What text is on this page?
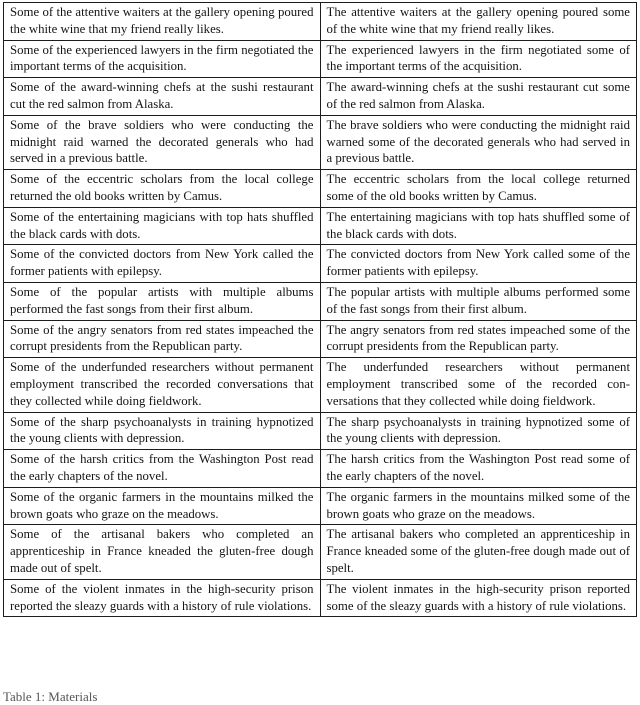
Some of the attentive waiters at the gallery opening poured the white wine that my friend really likes.	The attentive waiters at the gallery opening poured some of the white wine that my friend really likes.
Some of the experienced lawyers in the firm negotiated the important terms of the acquisition.	The experienced lawyers in the firm negotiated some of the important terms of the acquisition.
Some of the award-winning chefs at the sushi restaurant cut the red salmon from Alaska.	The award-winning chefs at the sushi restaurant cut some of the red salmon from Alaska.
Some of the brave soldiers who were conducting the midnight raid warned the decorated generals who had served in a previous battle.	The brave soldiers who were conducting the midnight raid warned some of the decorated generals who had served in a previous battle.
Some of the eccentric scholars from the local college returned the old books written by Camus.	The eccentric scholars from the local college returned some of the old books written by Camus.
Some of the entertaining magicians with top hats shuffled the black cards with dots.	The entertaining magicians with top hats shuffled some of the black cards with dots.
Some of the convicted doctors from New York called the former patients with epilepsy.	The convicted doctors from New York called some of the former patients with epilepsy.
Some of the popular artists with multiple albums performed the fast songs from their first album.	The popular artists with multiple albums performed some of the fast songs from their first album.
Some of the angry senators from red states impeached the corrupt presidents from the Republican party.	The angry senators from red states impeached some of the corrupt presidents from the Republican party.
Some of the underfunded researchers without permanent employment transcribed the recorded conversations that they collected while doing fieldwork.	The underfunded researchers without permanent employment transcribed some of the recorded conversations that they collected while doing fieldwork.
Some of the sharp psychoanalysts in training hypnotized the young clients with depression.	The sharp psychoanalysts in training hypnotized some of the young clients with depression.
Some of the harsh critics from the Washington Post read the early chapters of the novel.	The harsh critics from the Washington Post read some of the early chapters of the novel.
Some of the organic farmers in the mountains milked the brown goats who graze on the meadows.	The organic farmers in the mountains milked some of the brown goats who graze on the meadows.
Some of the artisanal bakers who completed an apprenticeship in France kneaded the gluten-free dough made out of spelt.	The artisanal bakers who completed an apprenticeship in France kneaded some of the gluten-free dough made out of spelt.
Some of the violent inmates in the high-security prison reported the sleazy guards with a history of rule violations.	The violent inmates in the high-security prison reported some of the sleazy guards with a history of rule violations.
Table 1: Materials
